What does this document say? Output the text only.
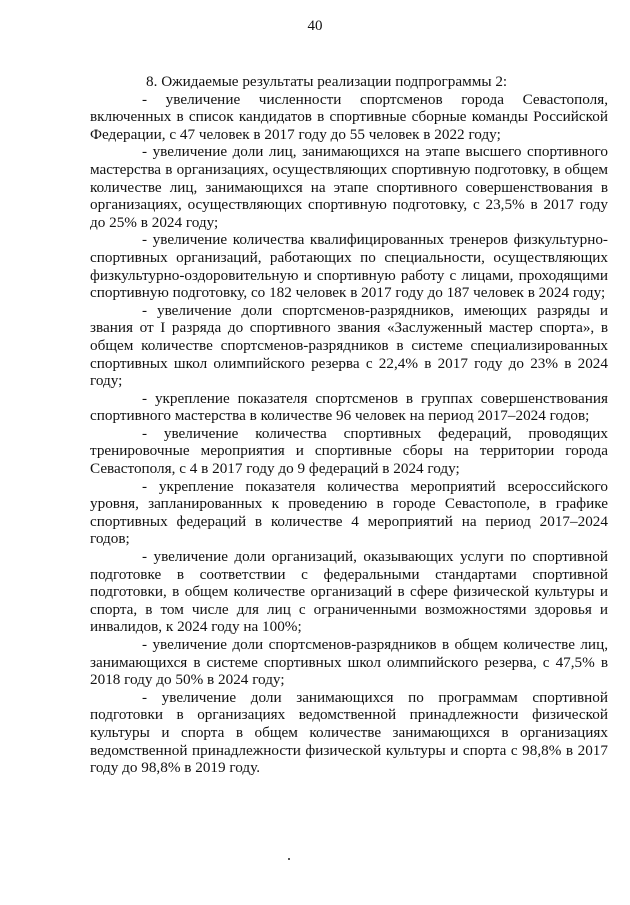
40

8. Ожидаемые результаты реализации подпрограммы 2:

- увеличение численности спортсменов города Севастополя, включенных в список кандидатов в спортивные сборные команды Российской Федерации, с 47 человек в 2017 году до 55 человек в 2022 году;

- увеличение доли лиц, занимающихся на этапе высшего спортивного мастерства в организациях, осуществляющих спортивную подготовку, в общем количестве лиц, занимающихся на этапе спортивного совершенствования в организациях, осуществляющих спортивную подготовку, с 23,5% в 2017 году до 25% в 2024 году;

- увеличение количества квалифицированных тренеров физкультурно-спортивных организаций, работающих по специальности, осуществляющих физкультурно-оздоровительную и спортивную работу с лицами, проходящими спортивную подготовку, со 182 человек в 2017 году до 187 человек в 2024 году;

- увеличение доли спортсменов-разрядников, имеющих разряды и звания от I разряда до спортивного звания «Заслуженный мастер спорта», в общем количестве спортсменов-разрядников в системе специализированных спортивных школ олимпийского резерва с 22,4% в 2017 году до 23% в 2024 году;

- укрепление показателя спортсменов в группах совершенствования спортивного мастерства в количестве 96 человек на период 2017–2024 годов;

- увеличение количества спортивных федераций, проводящих тренировочные мероприятия и спортивные сборы на территории города Севастополя, с 4 в 2017 году до 9 федераций в 2024 году;

- укрепление показателя количества мероприятий всероссийского уровня, запланированных к проведению в городе Севастополе, в графике спортивных федераций в количестве 4 мероприятий на период 2017–2024 годов;

- увеличение доли организаций, оказывающих услуги по спортивной подготовке в соответствии с федеральными стандартами спортивной подготовки, в общем количестве организаций в сфере физической культуры и спорта, в том числе для лиц с ограниченными возможностями здоровья и инвалидов, к 2024 году на 100%;

- увеличение доли спортсменов-разрядников в общем количестве лиц, занимающихся в системе спортивных школ олимпийского резерва, с 47,5% в 2018 году до 50% в 2024 году;

- увеличение доли занимающихся по программам спортивной подготовки в организациях ведомственной принадлежности физической культуры и спорта в общем количестве занимающихся в организациях ведомственной принадлежности физической культуры и спорта с 98,8% в 2017 году до 98,8% в 2019 году.
